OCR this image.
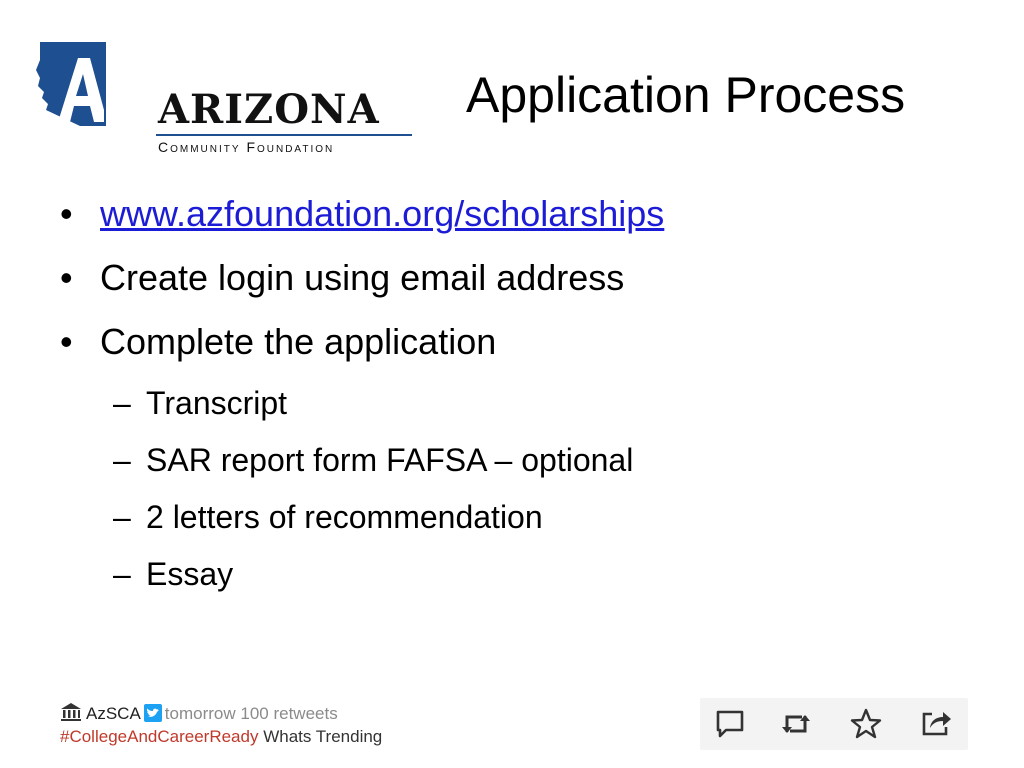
ARIZONA
Community Foundation
Application Process
• www.azfoundation.org/scholarships
• Create login using email address
• Complete the application
– Transcript
– SAR report form FAFSA – optional
– 2 letters of recommendation
– Essay
AzSCA tomorrow 100 retweets
#CollegeAndCareerReady Whats Trending
